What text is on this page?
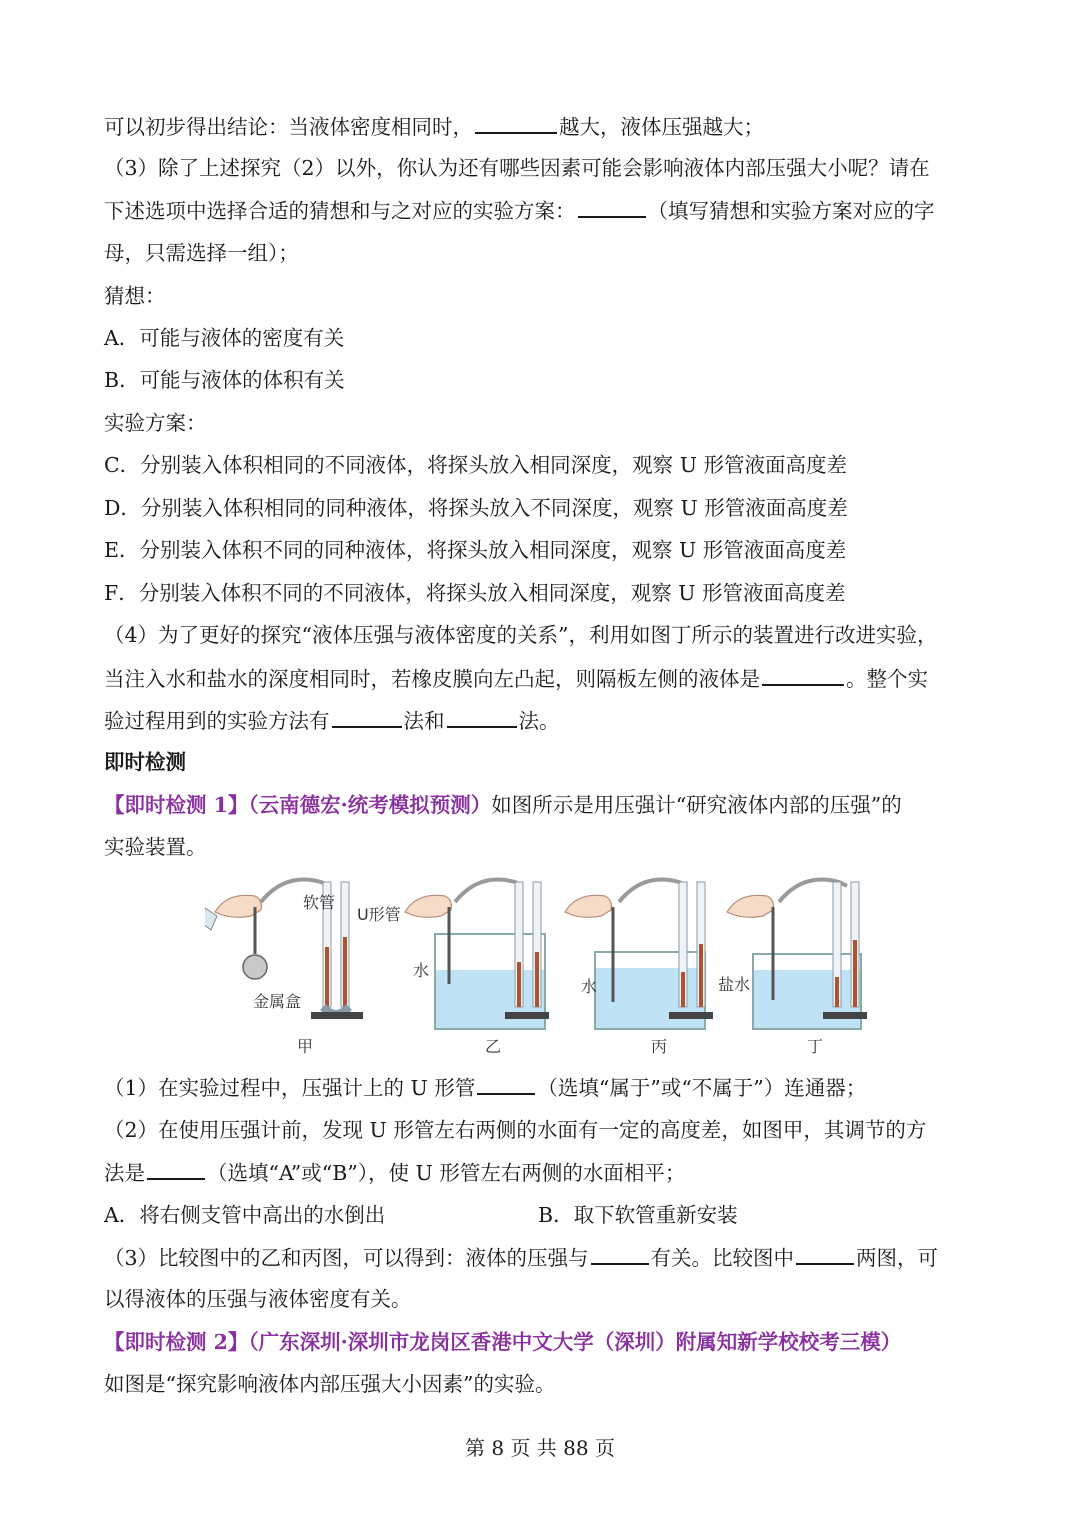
可以初步得出结论：当液体密度相同时，	越大，液体压强越大；
（3）除了上述探究（2）以外，你认为还有哪些因素可能会影响液体内部压强大小呢？请在
下述选项中选择合适的猜想和与之对应的实验方案：	（填写猜想和实验方案对应的字
母，只需选择一组）；
猜想：
A．可能与液体的密度有关
B．可能与液体的体积有关
实验方案：
C．分别装入体积相同的不同液体，将探头放入相同深度，观察 U 形管液面高度差
D．分别装入体积相同的同种液体，将探头放入不同深度，观察 U 形管液面高度差
E．分别装入体积不同的同种液体，将探头放入相同深度，观察 U 形管液面高度差
F．分别装入体积不同的不同液体，将探头放入相同深度，观察 U 形管液面高度差
（4）为了更好的探究“液体压强与液体密度的关系”，利用如图丁所示的装置进行改进实验，
当注入水和盐水的深度相同时，若橡皮膜向左凸起，则隔板左侧的液体是	。整个实
验过程用到的实验方法有	法和	法。
即时检测
【即时检测 1】（云南德宏·统考模拟预测）如图所示是用压强计“研究液体内部的压强”的
实验装置。
软管
U形管
金属盒
水
水	盐水
甲	乙	丙	丁
（1）在实验过程中，压强计上的 U 形管	（选填“属于”或“不属于”）连通器；
（2）在使用压强计前，发现 U 形管左右两侧的水面有一定的高度差，如图甲，其调节的方
法是	（选填“A”或“B”），使 U 形管左右两侧的水面相平；
A．将右侧支管中高出的水倒出	B．取下软管重新安装
（3）比较图中的乙和丙图，可以得到：液体的压强与	有关。比较图中	两图，可
以得液体的压强与液体密度有关。
【即时检测 2】（广东深圳·深圳市龙岗区香港中文大学（深圳）附属知新学校校考三模）
如图是“探究影响液体内部压强大小因素”的实验。
第 8 页 共 88 页
